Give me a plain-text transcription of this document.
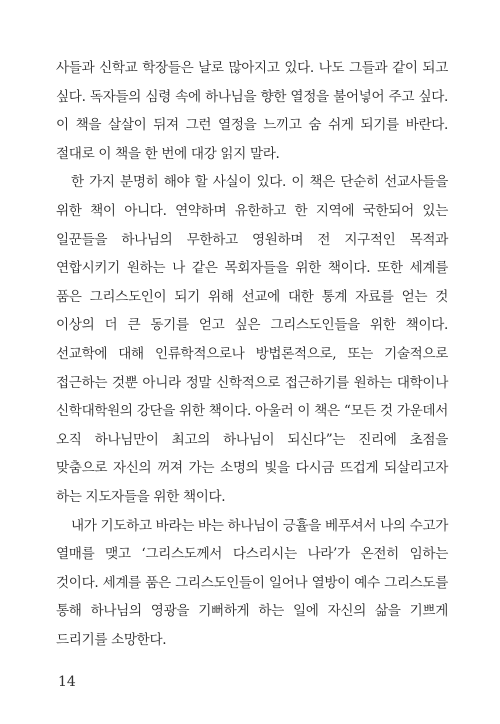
사들과 신학교 학장들은 날로 많아지고 있다. 나도 그들과 같이 되고 싶다. 독자들의 심령 속에 하나님을 향한 열정을 불어넣어 주고 싶다. 이 책을 살살이 뒤져 그런 열정을 느끼고 숨 쉬게 되기를 바란다. 절대로 이 책을 한 번에 대강 읽지 말라.

한 가지 분명히 해야 할 사실이 있다. 이 책은 단순히 선교사들을 위한 책이 아니다. 연약하며 유한하고 한 지역에 국한되어 있는 일꾼들을 하나님의 무한하고 영원하며 전 지구적인 목적과 연합시키기 원하는 나 같은 목회자들을 위한 책이다. 또한 세계를 품은 그리스도인이 되기 위해 선교에 대한 통계 자료를 얻는 것 이상의 더 큰 동기를 얻고 싶은 그리스도인들을 위한 책이다. 선교학에 대해 인류학적으로나 방법론적으로, 또는 기술적으로 접근하는 것뿐 아니라 정말 신학적으로 접근하기를 원하는 대학이나 신학대학원의 강단을 위한 책이다. 아울러 이 책은 “모든 것 가운데서 오직 하나님만이 최고의 하나님이 되신다”는 진리에 초점을 맞춤으로 자신의 꺼져 가는 소명의 빛을 다시금 뜨겁게 되살리고자 하는 지도자들을 위한 책이다.

내가 기도하고 바라는 바는 하나님이 긍휼을 베푸셔서 나의 수고가 열매를 맺고 ‘그리스도께서 다스리시는 나라’가 온전히 임하는 것이다. 세계를 품은 그리스도인들이 일어나 열방이 예수 그리스도를 통해 하나님의 영광을 기뻐하게 하는 일에 자신의 삶을 기쁘게 드리기를 소망한다.

14
